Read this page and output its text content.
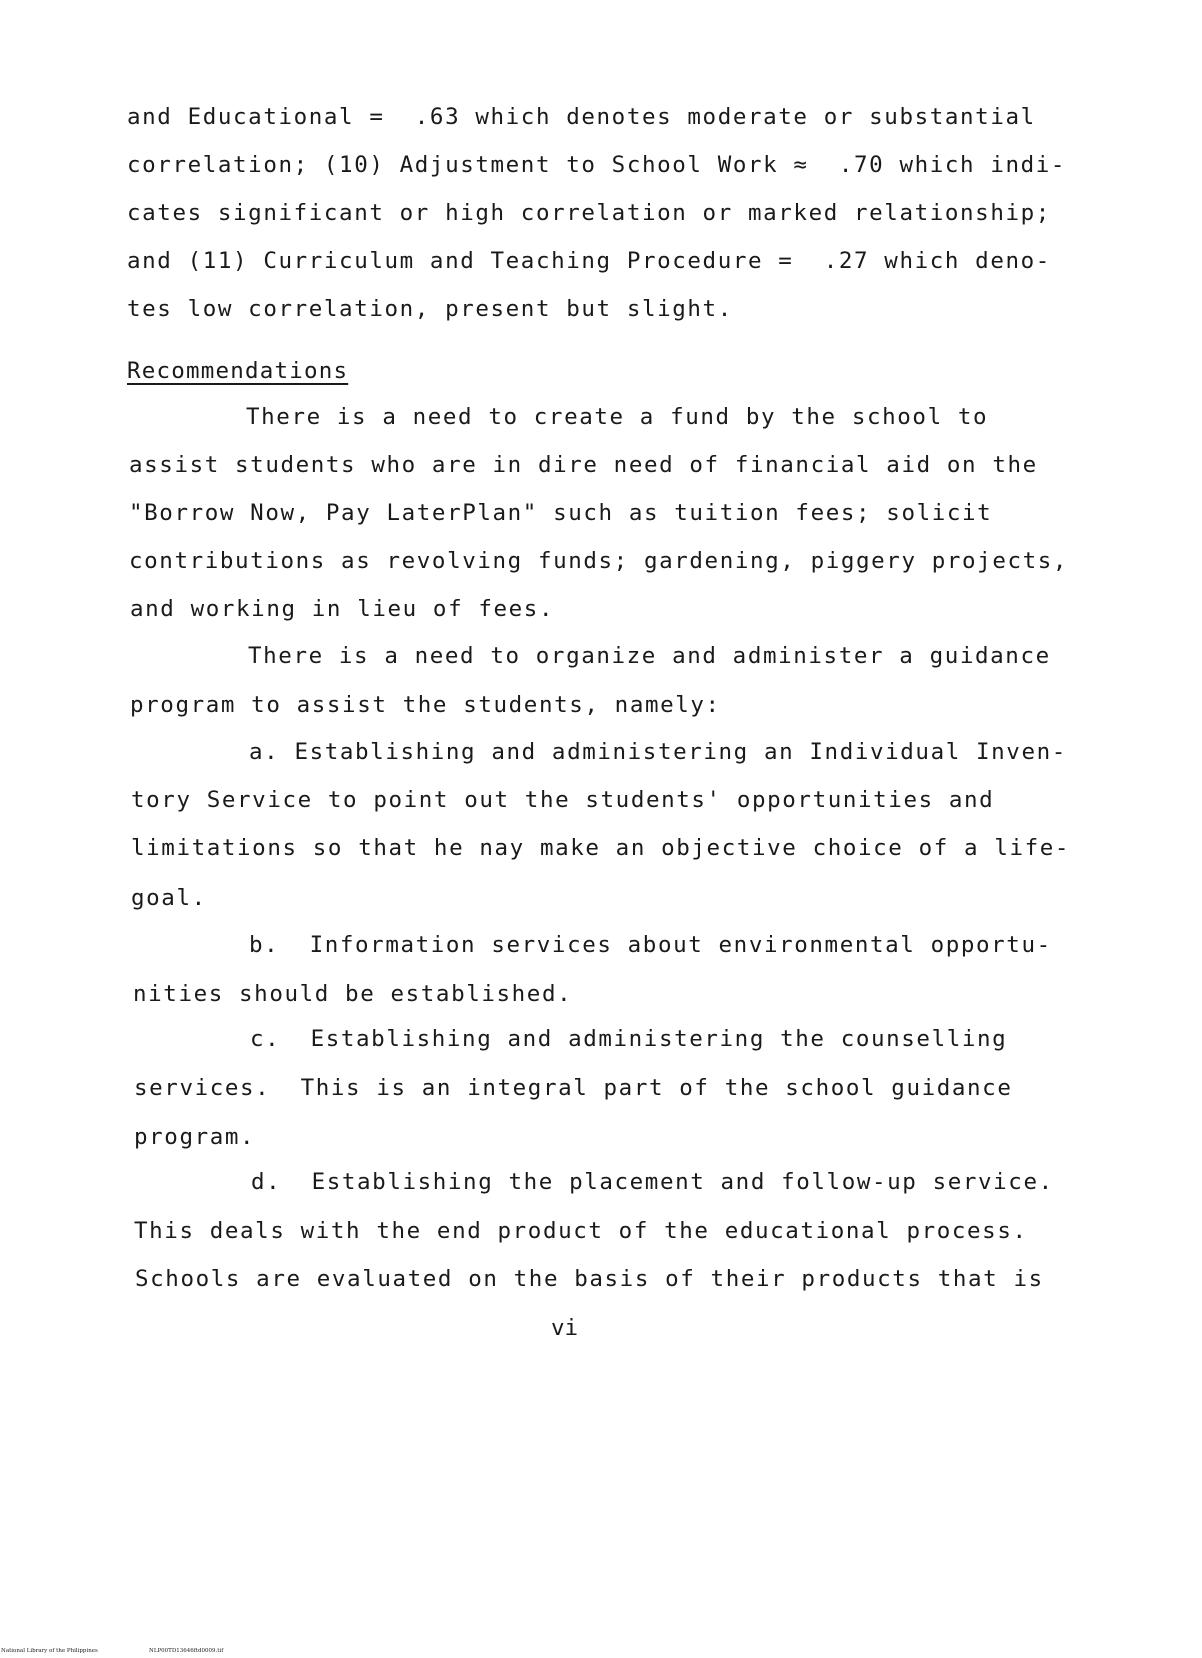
and Educational =  .63 which denotes moderate or substantial
correlation; (10) Adjustment to School Work ≈  .70 which indi-
cates significant or high correlation or marked relationship;
and (11) Curriculum and Teaching Procedure =  .27 which deno-
tes low correlation, present but slight.
Recommendations
There is a need to create a fund by the school to
assist students who are in dire need of financial aid on the
"Borrow Now, Pay LaterPlan" such as tuition fees; solicit
contributions as revolving funds; gardening, piggery projects,
and working in lieu of fees.
There is a need to organize and administer a guidance
program to assist the students, namely:
a. Establishing and administering an Individual Inven-
tory Service to point out the students' opportunities and
limitations so that he nay make an objective choice of a life-
goal.
b.  Information services about environmental opportu-
nities should be established.
c.  Establishing and administering the counselling
services.  This is an integral part of the school guidance
program.
d.  Establishing the placement and follow-up service.
This deals with the end product of the educational process.
Schools are evaluated on the basis of their products that is
vi
National Library of the Philippines	NLP00TD13646ftd0009.tif
